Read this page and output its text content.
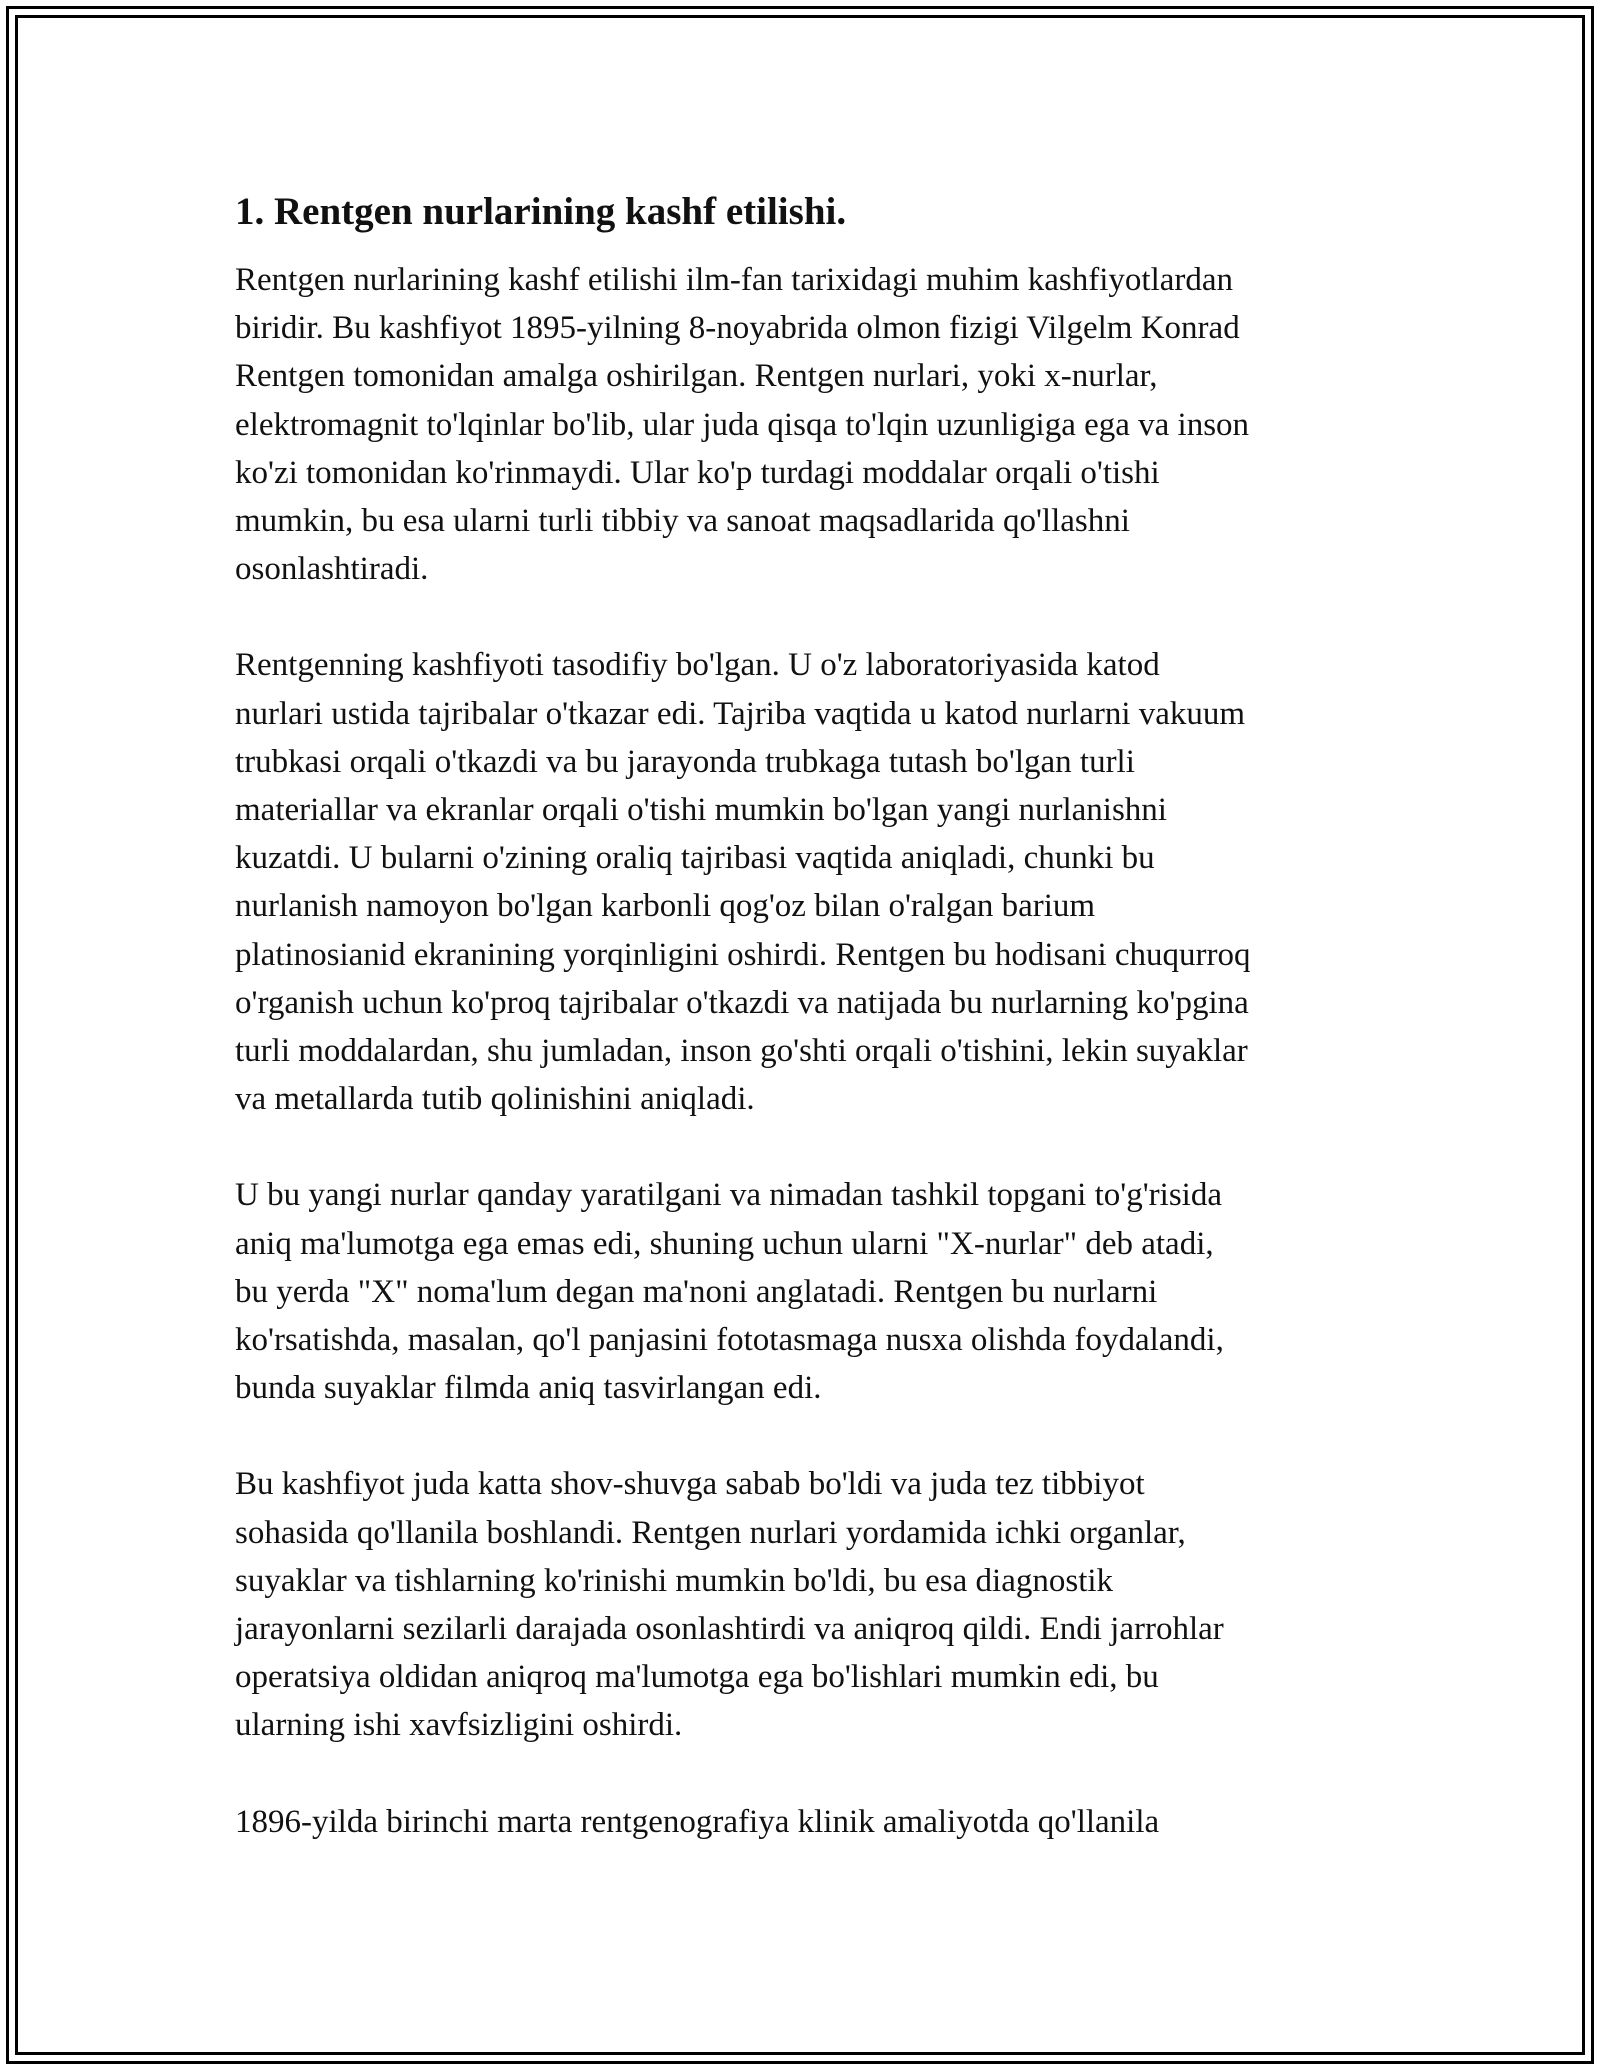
1. Rentgen nurlarining kashf etilishi.

Rentgen nurlarining kashf etilishi ilm-fan tarixidagi muhim kashfiyotlardan
biridir. Bu kashfiyot 1895-yilning 8-noyabrida olmon fizigi Vilgelm Konrad
Rentgen tomonidan amalga oshirilgan. Rentgen nurlari, yoki x-nurlar,
elektromagnit to'lqinlar bo'lib, ular juda qisqa to'lqin uzunligiga ega va inson
ko'zi tomonidan ko'rinmaydi. Ular ko'p turdagi moddalar orqali o'tishi
mumkin, bu esa ularni turli tibbiy va sanoat maqsadlarida qo'llashni
osonlashtiradi.

Rentgenning kashfiyoti tasodifiy bo'lgan. U o'z laboratoriyasida katod
nurlari ustida tajribalar o'tkazar edi. Tajriba vaqtida u katod nurlarni vakuum
trubkasi orqali o'tkazdi va bu jarayonda trubkaga tutash bo'lgan turli
materiallar va ekranlar orqali o'tishi mumkin bo'lgan yangi nurlanishni
kuzatdi. U bularni o'zining oraliq tajribasi vaqtida aniqladi, chunki bu
nurlanish namoyon bo'lgan karbonli qog'oz bilan o'ralgan barium
platinosianid ekranining yorqinligini oshirdi. Rentgen bu hodisani chuqurroq
o'rganish uchun ko'proq tajribalar o'tkazdi va natijada bu nurlarning ko'pgina
turli moddalardan, shu jumladan, inson go'shti orqali o'tishini, lekin suyaklar
va metallarda tutib qolinishini aniqladi.

U bu yangi nurlar qanday yaratilgani va nimadan tashkil topgani to'g'risida
aniq ma'lumotga ega emas edi, shuning uchun ularni "X-nurlar" deb atadi,
bu yerda "X" noma'lum degan ma'noni anglatadi. Rentgen bu nurlarni
ko'rsatishda, masalan, qo'l panjasini fototasmaga nusxa olishda foydalandi,
bunda suyaklar filmda aniq tasvirlangan edi.

Bu kashfiyot juda katta shov-shuvga sabab bo'ldi va juda tez tibbiyot
sohasida qo'llanila boshlandi. Rentgen nurlari yordamida ichki organlar,
suyaklar va tishlarning ko'rinishi mumkin bo'ldi, bu esa diagnostik
jarayonlarni sezilarli darajada osonlashtirdi va aniqroq qildi. Endi jarrohlar
operatsiya oldidan aniqroq ma'lumotga ega bo'lishlari mumkin edi, bu
ularning ishi xavfsizligini oshirdi.

1896-yilda birinchi marta rentgenografiya klinik amaliyotda qo'llanila
